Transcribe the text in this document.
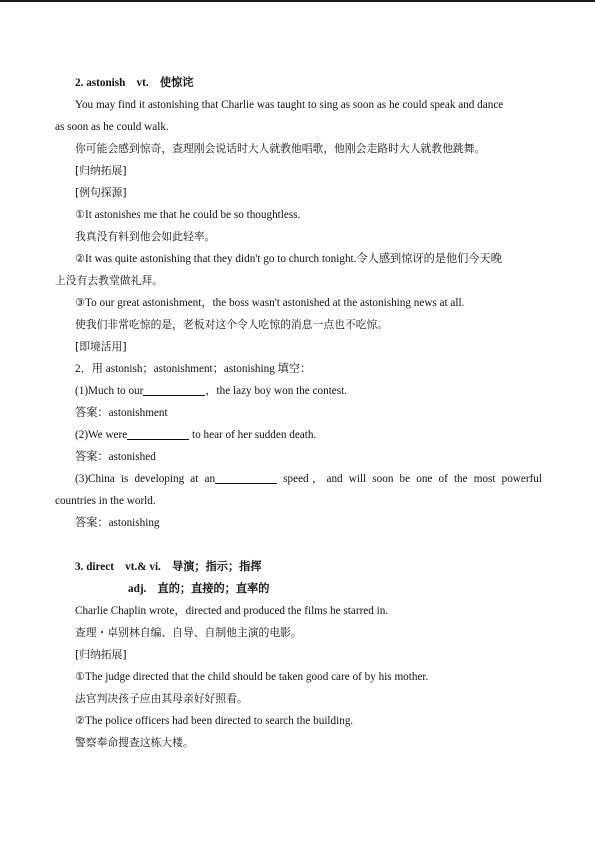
2. astonish　vt.　使惊诧
You may find it astonishing that Charlie was taught to sing as soon as he could speak and dance
as soon as he could walk.
你可能会感到惊奇，查理刚会说话时大人就教他唱歌，他刚会走路时大人就教他跳舞。
[归纳拓展]
[例句探源]
①It astonishes me that he could be so thoughtless.
我真没有料到他会如此轻率。
②It was quite astonishing that they didn't go to church tonight.令人感到惊讶的是他们今天晚
上没有去教堂做礼拜。
③To our great astonishment，the boss wasn't astonished at the astonishing news at all.
使我们非常吃惊的是，老板对这个令人吃惊的消息一点也不吃惊。
[即境活用]
2．用 astonish；astonishment；astonishing 填空：
(1)Much to our	，the lazy boy won the contest.
答案：astonishment
(2)We were	to hear of her sudden death.
答案：astonished
(3)China is developing at an	speed，and will soon be one of the most powerful
countries in the world.
答案：astonishing
3. direct　vt.& vi.　导演；指示；指挥
adj.　直的；直接的；直率的
Charlie Chaplin wrote，directed and produced the films he starred in.
查理・卓别林自编、自导、自制他主演的电影。
[归纳拓展]
①The judge directed that the child should be taken good care of by his mother.
法官判决孩子应由其母亲好好照看。
②The police officers had been directed to search the building.
警察奉命搜查这栋大楼。
